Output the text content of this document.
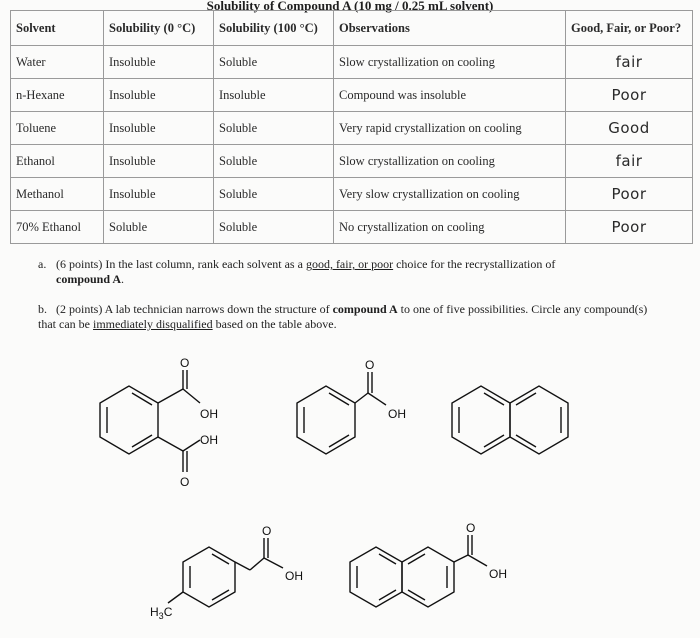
Solubility of Compound A (10 mg / 0.25 mL solvent)
Solvent	Solubility (0 °C)	Solubility (100 °C)	Observations	Good, Fair, or Poor?
Water	Insoluble	Soluble	Slow crystallization on cooling	fair
n-Hexane	Insoluble	Insoluble	Compound was insoluble	Poor
Toluene	Insoluble	Soluble	Very rapid crystallization on cooling	Good
Ethanol	Insoluble	Soluble	Slow crystallization on cooling	fair
Methanol	Insoluble	Soluble	Very slow crystallization on cooling	Poor
70% Ethanol	Soluble	Soluble	No crystallization on cooling	Poor
a. (6 points) In the last column, rank each solvent as a good, fair, or poor choice for the recrystallization of
compound A.
b. (2 points) A lab technician narrows down the structure of compound A to one of five possibilities. Circle any compound(s) that can be immediately disqualified based on the table above.
O
OH
O
OH
O
OH
O
OH
$H_3C$
O
OH
